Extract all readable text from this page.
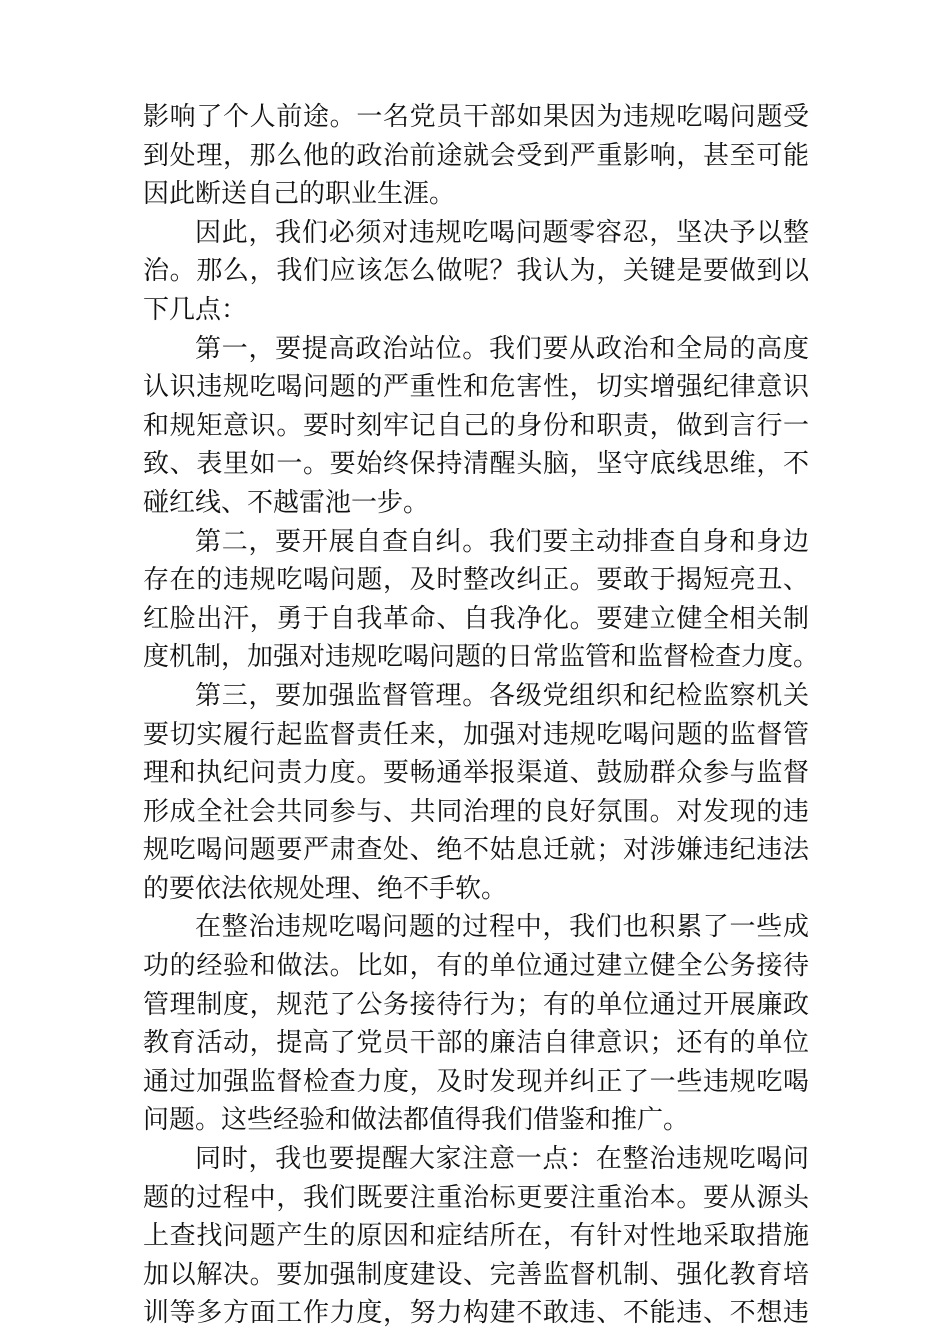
影响了个人前途。一名党员干部如果因为违规吃喝问题受
到处理，那么他的政治前途就会受到严重影响，甚至可能
因此断送自己的职业生涯。
因此，我们必须对违规吃喝问题零容忍，坚决予以整
治。那么，我们应该怎么做呢？我认为，关键是要做到以
下几点：
第一，要提高政治站位。我们要从政治和全局的高度
认识违规吃喝问题的严重性和危害性，切实增强纪律意识
和规矩意识。要时刻牢记自己的身份和职责，做到言行一
致、表里如一。要始终保持清醒头脑，坚守底线思维，不
碰红线、不越雷池一步。
第二，要开展自查自纠。我们要主动排查自身和身边
存在的违规吃喝问题，及时整改纠正。要敢于揭短亮丑、
红脸出汗，勇于自我革命、自我净化。要建立健全相关制
度机制，加强对违规吃喝问题的日常监管和监督检查力度。
第三，要加强监督管理。各级党组织和纪检监察机关
要切实履行起监督责任来，加强对违规吃喝问题的监督管
理和执纪问责力度。要畅通举报渠道、鼓励群众参与监督
形成全社会共同参与、共同治理的良好氛围。对发现的违
规吃喝问题要严肃查处、绝不姑息迁就；对涉嫌违纪违法
的要依法依规处理、绝不手软。
在整治违规吃喝问题的过程中，我们也积累了一些成
功的经验和做法。比如，有的单位通过建立健全公务接待
管理制度，规范了公务接待行为；有的单位通过开展廉政
教育活动，提高了党员干部的廉洁自律意识；还有的单位
通过加强监督检查力度，及时发现并纠正了一些违规吃喝
问题。这些经验和做法都值得我们借鉴和推广。
同时，我也要提醒大家注意一点：在整治违规吃喝问
题的过程中，我们既要注重治标更要注重治本。要从源头
上查找问题产生的原因和症结所在，有针对性地采取措施
加以解决。要加强制度建设、完善监督机制、强化教育培
训等多方面工作力度，努力构建不敢违、不能违、不想违
